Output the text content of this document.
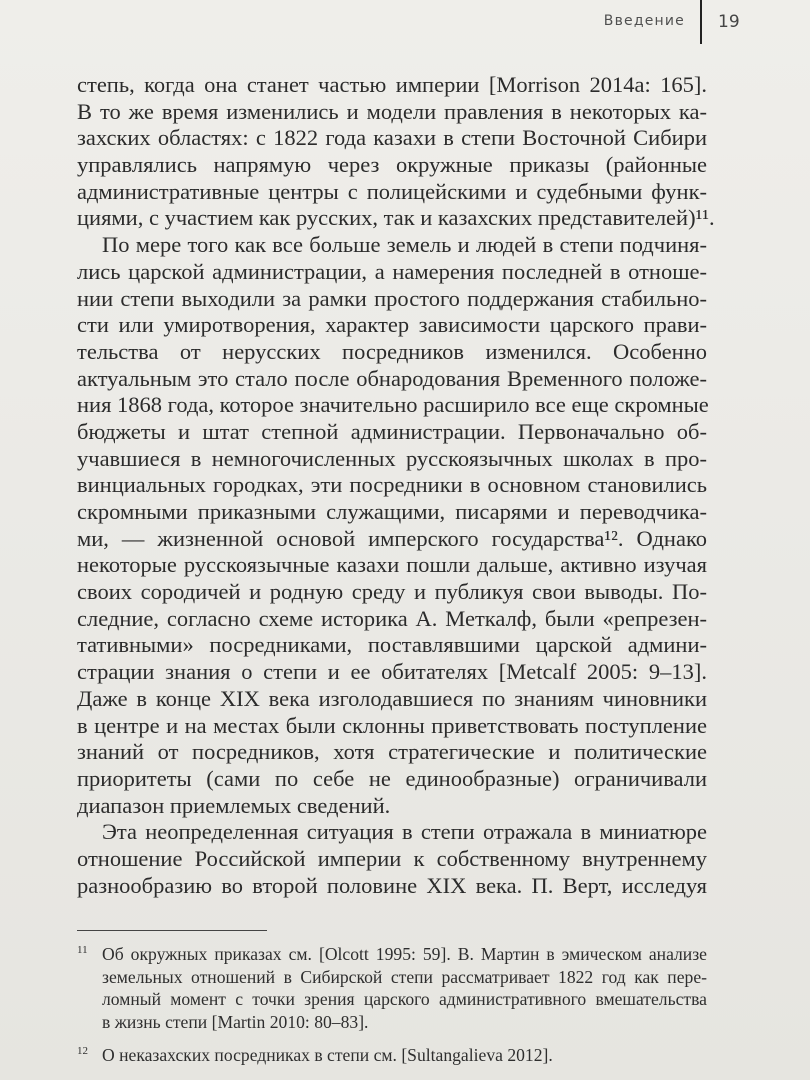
Введение 19
степь, когда она станет частью империи [Morrison 2014a: 165].
В то же время изменились и модели правления в некоторых ка-
захских областях: с 1822 года казахи в степи Восточной Сибири
управлялись напрямую через окружные приказы (районные
административные центры с полицейскими и судебными функ-
циями, с участием как русских, так и казахских представителей)¹¹.
По мере того как все больше земель и людей в степи подчиня-
лись царской администрации, а намерения последней в отноше-
нии степи выходили за рамки простого поддержания стабильно-
сти или умиротворения, характер зависимости царского прави-
тельства от нерусских посредников изменился. Особенно
актуальным это стало после обнародования Временного положе-
ния 1868 года, которое значительно расширило все еще скромные
бюджеты и штат степной администрации. Первоначально об-
учавшиеся в немногочисленных русскоязычных школах в про-
винциальных городках, эти посредники в основном становились
скромными приказными служащими, писарями и переводчика-
ми, — жизненной основой имперского государства¹². Однако
некоторые русскоязычные казахи пошли дальше, активно изучая
своих сородичей и родную среду и публикуя свои выводы. По-
следние, согласно схеме историка А. Меткалф, были «репрезен-
тативными» посредниками, поставлявшими царской админи-
страции знания о степи и ее обитателях [Metcalf 2005: 9–13].
Даже в конце XIX века изголодавшиеся по знаниям чиновники
в центре и на местах были склонны приветствовать поступление
знаний от посредников, хотя стратегические и политические
приоритеты (сами по себе не единообразные) ограничивали
диапазон приемлемых сведений.
Эта неопределенная ситуация в степи отражала в миниатюре
отношение Российской империи к собственному внутреннему
разнообразию во второй половине XIX века. П. Верт, исследуя
11 Об окружных приказах см. [Olcott 1995: 59]. В. Мартин в эмическом анализе
земельных отношений в Сибирской степи рассматривает 1822 год как пере-
ломный момент с точки зрения царского административного вмешательства
в жизнь степи [Martin 2010: 80–83].
12 О неказахских посредниках в степи см. [Sultangalieva 2012].
